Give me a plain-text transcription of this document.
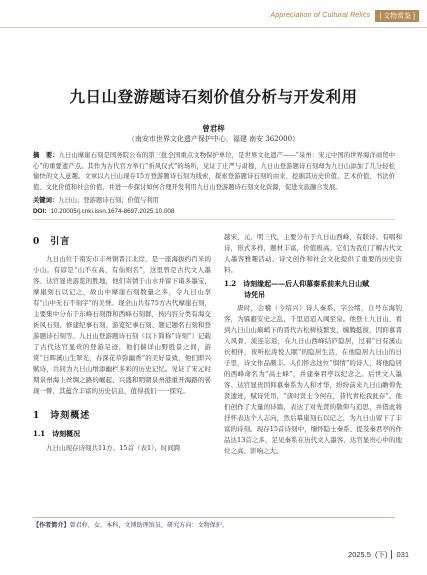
Appreciation of Cultural Relics	| 文物赏鉴 ]
九日山登游题诗石刻价值分析与开发利用
曾君梓
（南安市世界文化遗产保护中心，福建 南安 362000）
摘　要：九日山摩崖石刻是国务院公布的第三批全国重点文物保护单位，是世界文化遗产——“泉州：宋元中国的世界海洋商贸中心”的重要遗产点。其作为古代官方举行“祈风仪式”的场所，见证了庄严与肃穆，九日山登游题诗石刻却为九日山添加了几分轻松愉快的文人意趣。文章以九日山现存15方登游题诗石刻为线索，探索登游题诗石刻的由来，挖掘其历史价值、艺术价值、书法价值、文化价值和社会价值，并进一步探讨如何合理开发利用九日山登游题诗石刻文化资源，促进文旅融合发展。
关键词：九日山；登游题诗石刻；价值与利用
DOI：10.20005/j.cnki.issn.1674-8697.2025.10.008
0　引言

九日山位于南安市丰州镇晋江北岸，是一座海拔约百米的小山。有谚是“山不在高，有仙则名”，这里曾是古代文人墨客、达官显贵游览的胜地，他们寄情于山水并留下诸多墨宝，摩崖刻石以记之，故山中摩崖石刻数量之多，令九日山享有“山中无石不刻字”的美誉。现全山共有75方古代摩崖石刻，主要集中分布于东峰石刻群和西峰石刻群，按内容分类有海交祈风石刻、修建纪事石刻、游览纪事石刻、题记题名石刻和登游题诗石刻等。九日山登游题诗石刻（以下简称“诗刻”）记载了古代达官显贵的登游足迹，他们揣详山野胜景之间，游赏“日晖溪山生翠光，春深花草弥幽香”的美好景致，他们即兴赋诗，共同为九日山增添幽栏多彩的历史记忆。见证了宋元时期泉州海上丝绸之路的崛起、兴盛和明朝泉州港重开海路的晷现一瞥，其蕴含丰富的历史信息，值得我们一一探究。

1　诗刻概述
1.1　诗刻概况

九日山现存诗刻共11方、15首（表1），时间跨

越宋、元、明三代，主要分布于九日山西峰，有联诗、有唱和诗，形式多样，题材丰富，价值极高。它们为我们了解古代文人墨客雅趣活动、诗文创作和社会文化提供了重要的历史资料。

1.2　诗刻缘起——后人仰慕秦系前来九日山赋
诗凭吊

唐时，会稽（今绍兴）诗人秦系，字公绪，自号东海钓客，为躲避安史之乱，千里迢迢入闽至泉。他登上九日山，看到九日山山巅峭下的晋代古松树枝繁发、缠腾挺拔，因仰慕晋人风骨，流连忘返，在九日山西峰结庐隐居，过着“日有溪山长相伴，夜听松涛悦人眠”的隐居生活，在他隐居九日山的日子里，诗文作品颇丰。人们怀念这位“悯情”的诗人，将他隐居的西峰命名为“高士峰”，并建秦君亭以纪念之。后世文人墨客、达官显贵因仰慕秦系为人和才华，纷纷前来九日山瞻仰先贤遗迹，赋诗凭吊，“唐时贤士今何在，昔代青松我此存”。他们创作了大量的诗篇，表达了对先贤的敬仰与追思，并借此将抒怀表达个人志向，然后摹崖刻石以记之，为九日山留下了丰富的诗刻。现存15首诗刻中，缅怀隐士秦系、提及秦君亭的作品达13首之多，足见秦系在历代文人墨客、达官显贵心中的地位之高、影响之大。

【作者简介】曾君梓，女，本科，文博助理馆员，研究方向：文物保护。
2025.5 (下) 031
